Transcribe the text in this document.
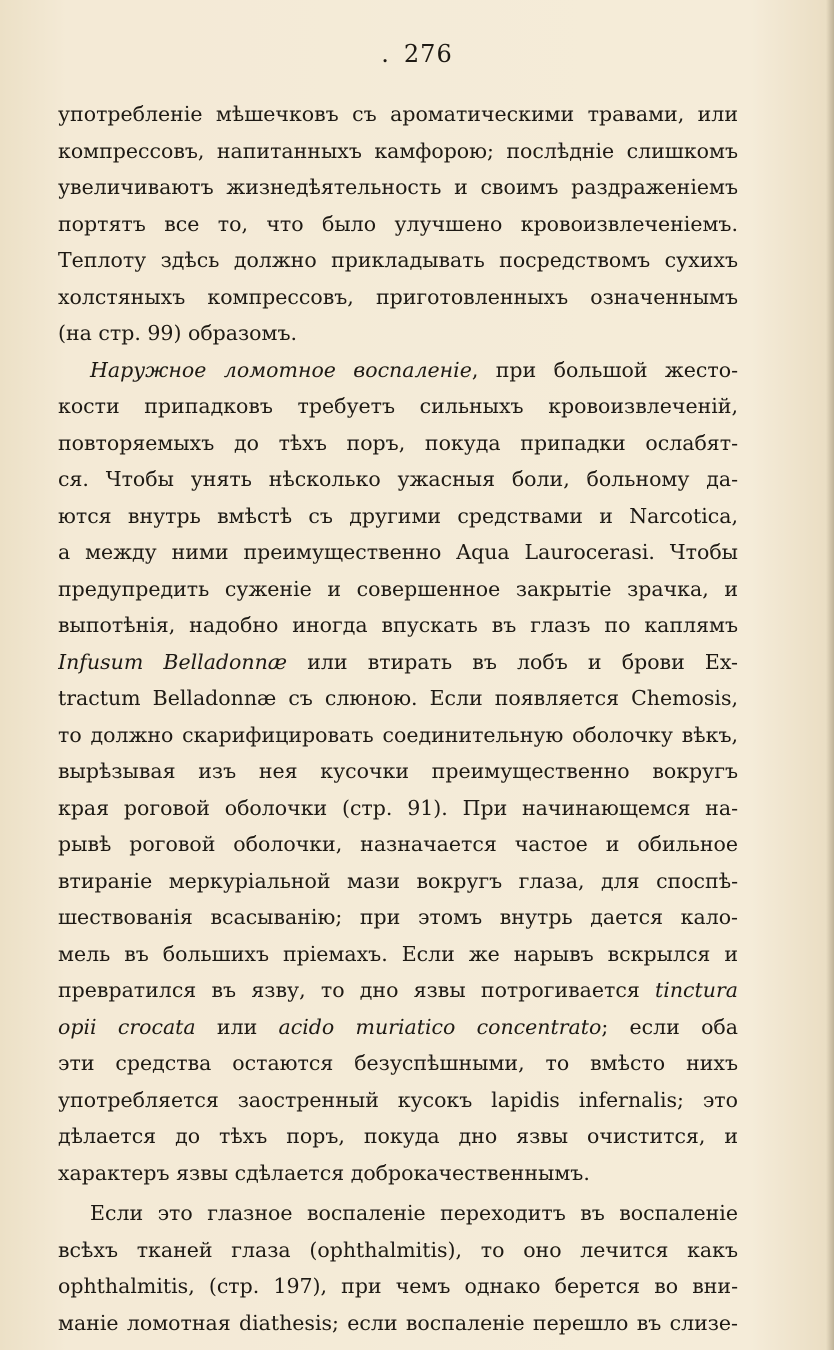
. 276
употребленіе мѣшечковъ съ ароматическими травами, или
компрессовъ, напитанныхъ камфорою; послѣдніе слишкомъ
увеличиваютъ жизнедѣятельность и своимъ раздраженіемъ
портятъ все то, что было улучшено кровоизвлеченіемъ.
Теплоту здѣсь должно прикладывать посредствомъ сухихъ
холстяныхъ компрессовъ, приготовленныхъ означеннымъ
(на стр. 99) образомъ.
Наружное ломотное воспаленіе, при большой жесто-
кости припадковъ требуетъ сильныхъ кровоизвлеченій,
повторяемыхъ до тѣхъ поръ, покуда припадки ослабят-
ся. Чтобы унять нѣсколько ужасныя боли, больному да-
ются внутрь вмѣстѣ съ другими средствами и Narcotica,
а между ними преимущественно Aqua Laurocerasi. Чтобы
предупредить суженіе и совершенное закрытіе зрачка, и
выпотѣнія, надобно иногда впускать въ глазъ по каплямъ
Infusum Belladonnæ или втирать въ лобъ и брови Ex-
tractum Belladonnæ съ слюною. Если появляется Chemosis,
то должно скарифицировать соединительную оболочку вѣкъ,
вырѣзывая изъ нея кусочки преимущественно вокругъ
края роговой оболочки (стр. 91). При начинающемся на-
рывѣ роговой оболочки, назначается частое и обильное
втираніе меркуріальной мази вокругъ глаза, для споспѣ-
шествованія всасыванію; при этомъ внутрь дается кало-
мель въ большихъ пріемахъ. Если же нарывъ вскрылся и
превратился въ язву, то дно язвы потрогивается tinctura
opii crocata или acido muriatico concentrato; если оба
эти средства остаются безуспѣшными, то вмѣсто нихъ
употребляется заостренный кусокъ lapidis infernalis; это
дѣлается до тѣхъ поръ, покуда дно язвы очистится, и
характеръ язвы сдѣлается доброкачественнымъ.
Если это глазное воспаленіе переходитъ въ воспаленіе
всѣхъ тканей глаза (ophthalmitis), то оно лечится какъ
ophthalmitis, (стр. 197), при чемъ однако берется во вни-
маніе ломотная diathesis; если воспаленіе перешло въ слизе-
